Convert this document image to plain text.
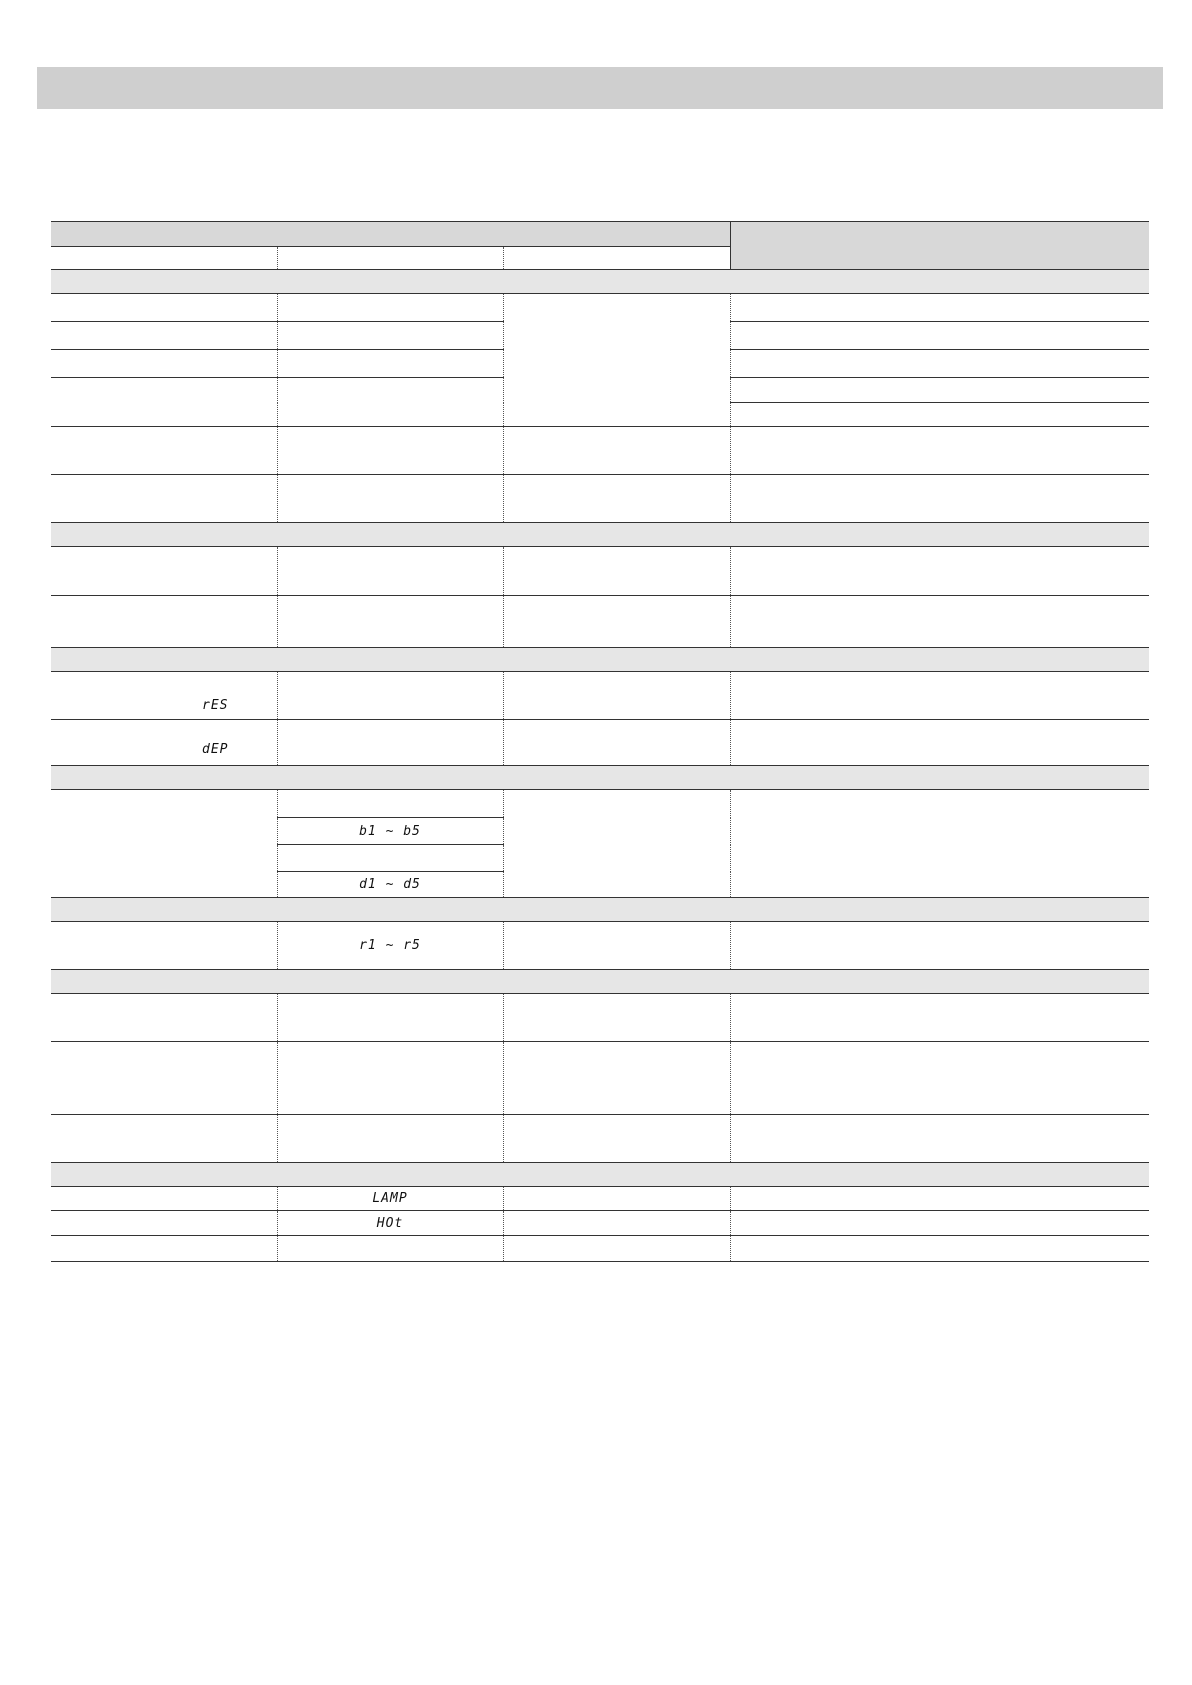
rES			
dEP			

	b1 ~ b5		

	d1 ~ d5		

	r1 ~ r5		

	LAMP		
	HOt		
